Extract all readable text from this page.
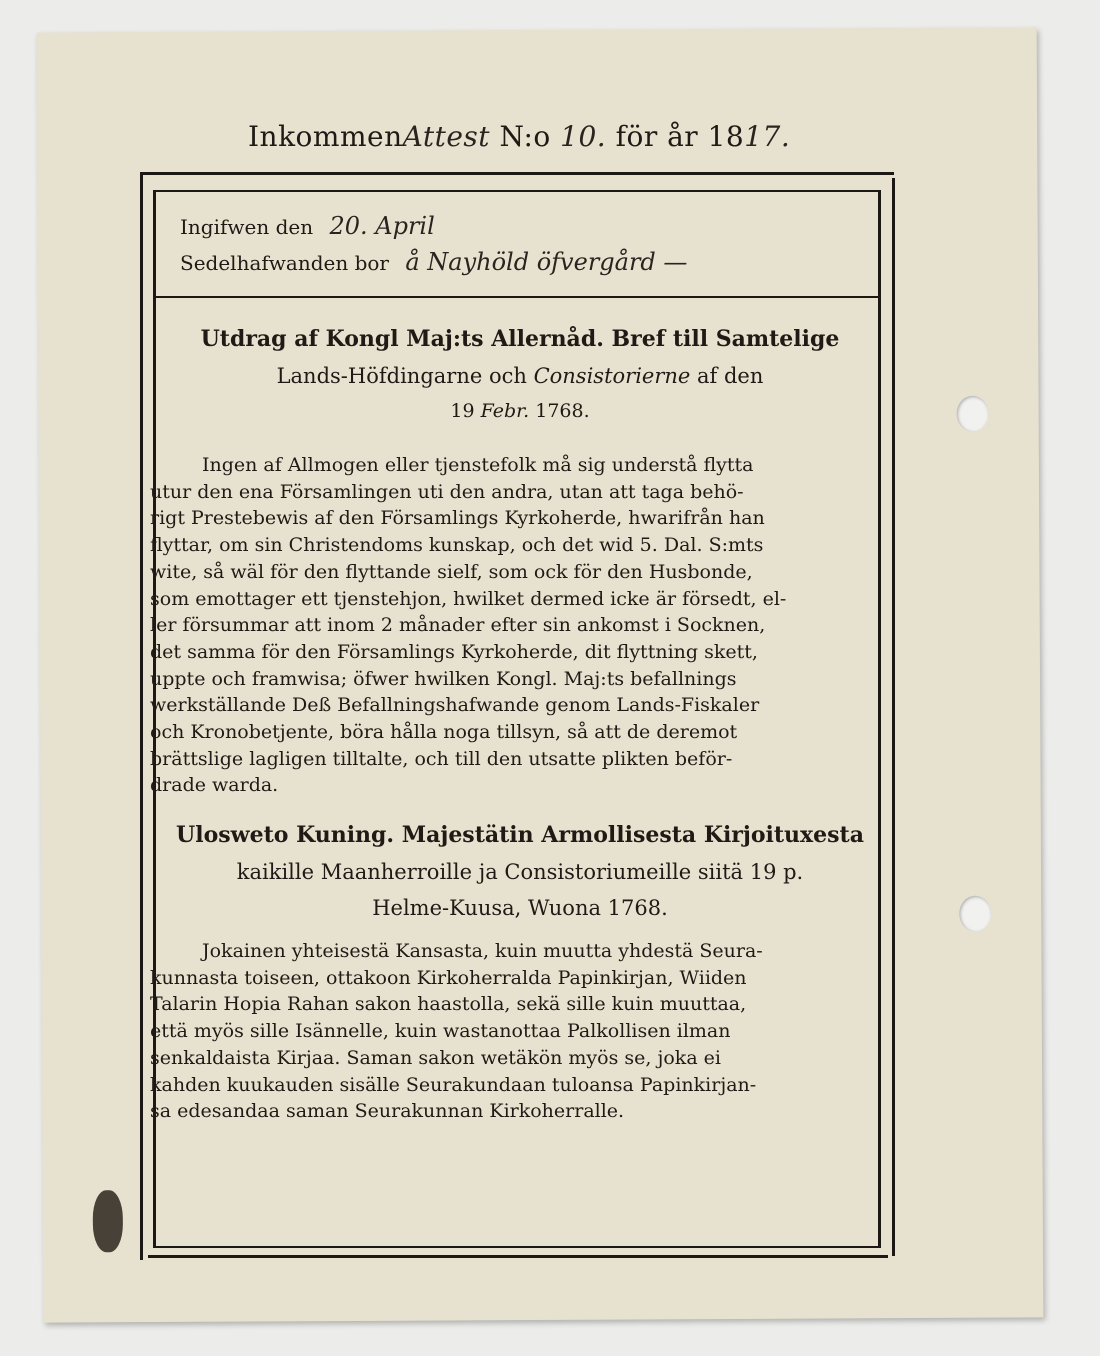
InkommenAttest N:o 10. för år 1817.
Ingifwen den 20. April
Sedelhafwanden bor å Nayhöld öfvergård —
Utdrag af Kongl Maj:ts Allernåd. Bref till Samtelige
Lands-Höfdingarne och Consistorierne af den
19 Febr. 1768.

Ingen af Allmogen eller tjenstefolk må sig understå flytta

utur den ena Församlingen uti den andra, utan att taga behö-

rigt Prestebewis af den Församlings Kyrkoherde, hwarifrån han

flyttar, om sin Christendoms kunskap, och det wid 5. Dal. S:mts

wite, så wäl för den flyttande sielf, som ock för den Husbonde,

som emottager ett tjenstehjon, hwilket dermed icke är försedt, el-

ler försummar att inom 2 månader efter sin ankomst i Socknen,

det samma för den Församlings Kyrkoherde, dit flyttning skett,

uppte och framwisa; öfwer hwilken Kongl. Maj:ts befallnings

werkställande Deß Befallningshafwande genom Lands-Fiskaler

och Kronobetjente, böra hålla noga tillsyn, så att de deremot

brättslige lagligen tilltalte, och till den utsatte plikten beför-

drade warda.

Ulosweto Kuning. Majestätin Armollisesta Kirjoituxesta
kaikille Maanherroille ja Consistoriumeille siitä 19 p.
Helme-Kuusa, Wuona 1768.

Jokainen yhteisestä Kansasta, kuin muutta yhdestä Seura-

kunnasta toiseen, ottakoon Kirkoherralda Papinkirjan, Wiiden

Talarin Hopia Rahan sakon haastolla, sekä sille kuin muuttaa,

että myös sille Isännelle, kuin wastanottaa Palkollisen ilman

senkaldaista Kirjaa. Saman sakon wetäkön myös se, joka ei

kahden kuukauden sisälle Seurakundaan tuloansa Papinkirjan-

sa edesandaa saman Seurakunnan Kirkoherralle.
